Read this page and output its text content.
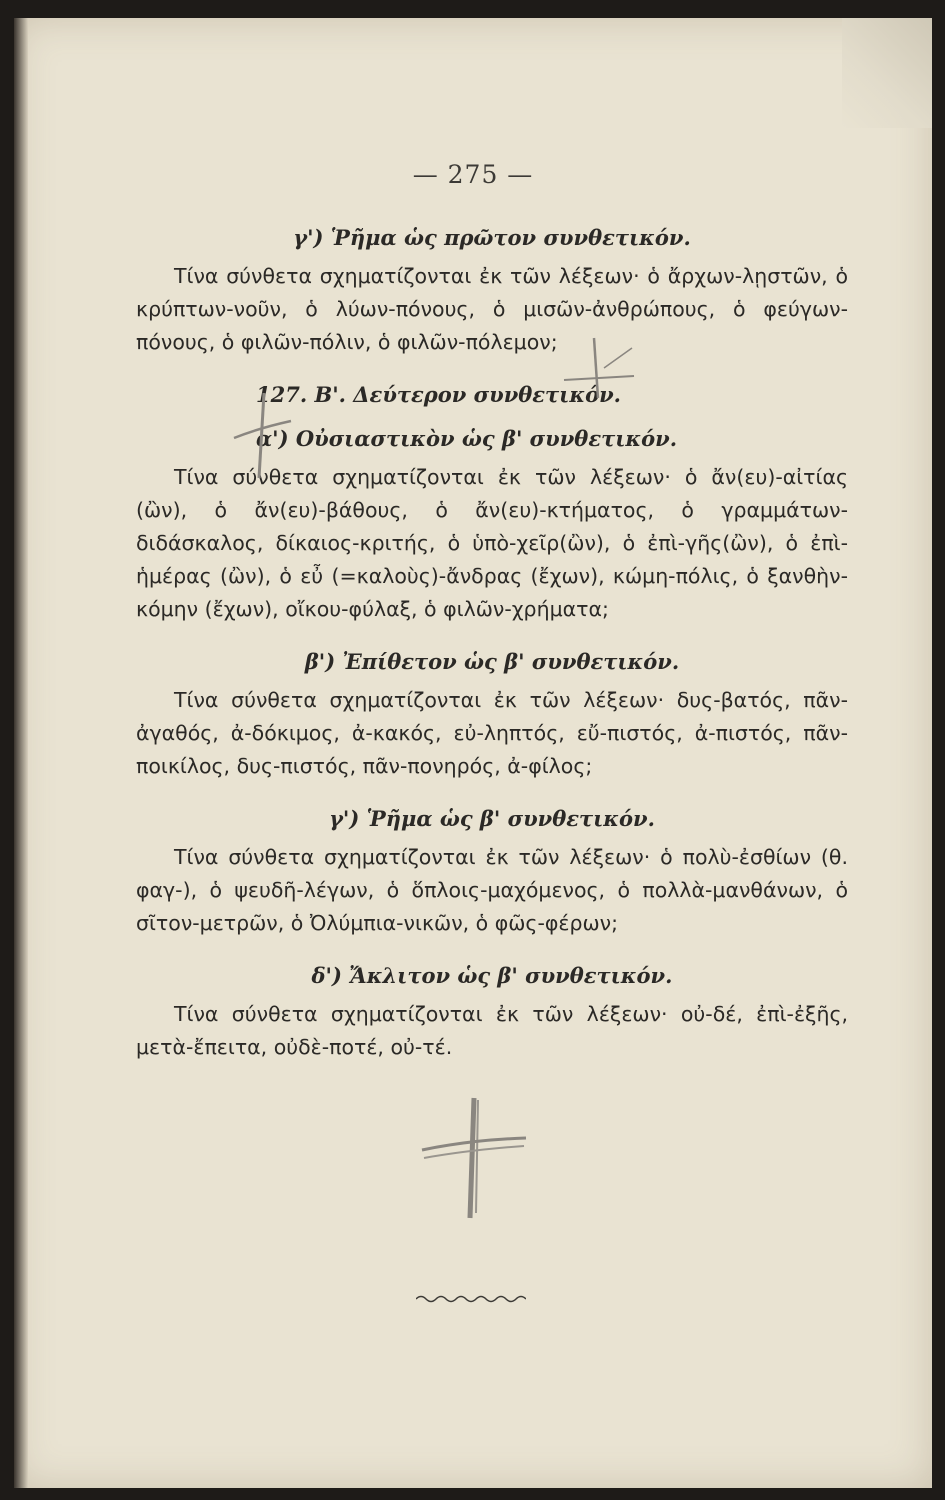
— 275 —
γ') Ῥῆμα ὡς πρῶτον συνθετικόν.

Τίνα σύνθετα σχηματίζονται ἐκ τῶν λέξεων· ὁ ἄρχων-λῃστῶν, ὁ κρύπτων-νοῦν, ὁ λύων-πόνους, ὁ μισῶν-ἀνθρώπους, ὁ φεύγων-πόνους, ὁ φιλῶν-πόλιν, ὁ φιλῶν-πόλεμον;

127. Β'. Δεύτερον συνθετικόν.
α') Οὐσιαστικὸν ὡς β' συνθετικόν.

Τίνα σύνθετα σχηματίζονται ἐκ τῶν λέξεων· ὁ ἄν(ευ)-αἰτίας (ὢν), ὁ ἄν(ευ)-βάθους, ὁ ἄν(ευ)-κτήματος, ὁ γραμμάτων-διδάσκαλος, δίκαιος-κριτής, ὁ ὑπὸ-χεῖρ(ὢν), ὁ ἐπὶ-γῆς(ὢν), ὁ ἐπὶ-ἡμέρας (ὢν), ὁ εὖ (=καλοὺς)-ἄνδρας (ἔχων), κώμη-πόλις, ὁ ξανθὴν-κόμην (ἔχων), οἴκου-φύλαξ, ὁ φιλῶν-χρήματα;

β') Ἐπίθετον ὡς β' συνθετικόν.

Τίνα σύνθετα σχηματίζονται ἐκ τῶν λέξεων· δυς-βατός, πᾶν-ἀγαθός, ἀ-δόκιμος, ἀ-κακός, εὐ-ληπτός, εὔ-πιστός, ἀ-πιστός, πᾶν-ποικίλος, δυς-πιστός, πᾶν-πονηρός, ἀ-φίλος;

γ') Ῥῆμα ὡς β' συνθετικόν.

Τίνα σύνθετα σχηματίζονται ἐκ τῶν λέξεων· ὁ πολὺ-ἐσθίων (θ. φαγ-), ὁ ψευδῆ-λέγων, ὁ ὅπλοις-μαχόμενος, ὁ πολλὰ-μανθάνων, ὁ σῖτον-μετρῶν, ὁ Ὀλύμπια-νικῶν, ὁ φῶς-φέρων;

δ') Ἄκλιτον ὡς β' συνθετικόν.

Τίνα σύνθετα σχηματίζονται ἐκ τῶν λέξεων· οὐ-δέ, ἐπὶ-ἐξῆς, μετὰ-ἔπειτα, οὐδὲ-ποτέ, οὐ-τέ.
